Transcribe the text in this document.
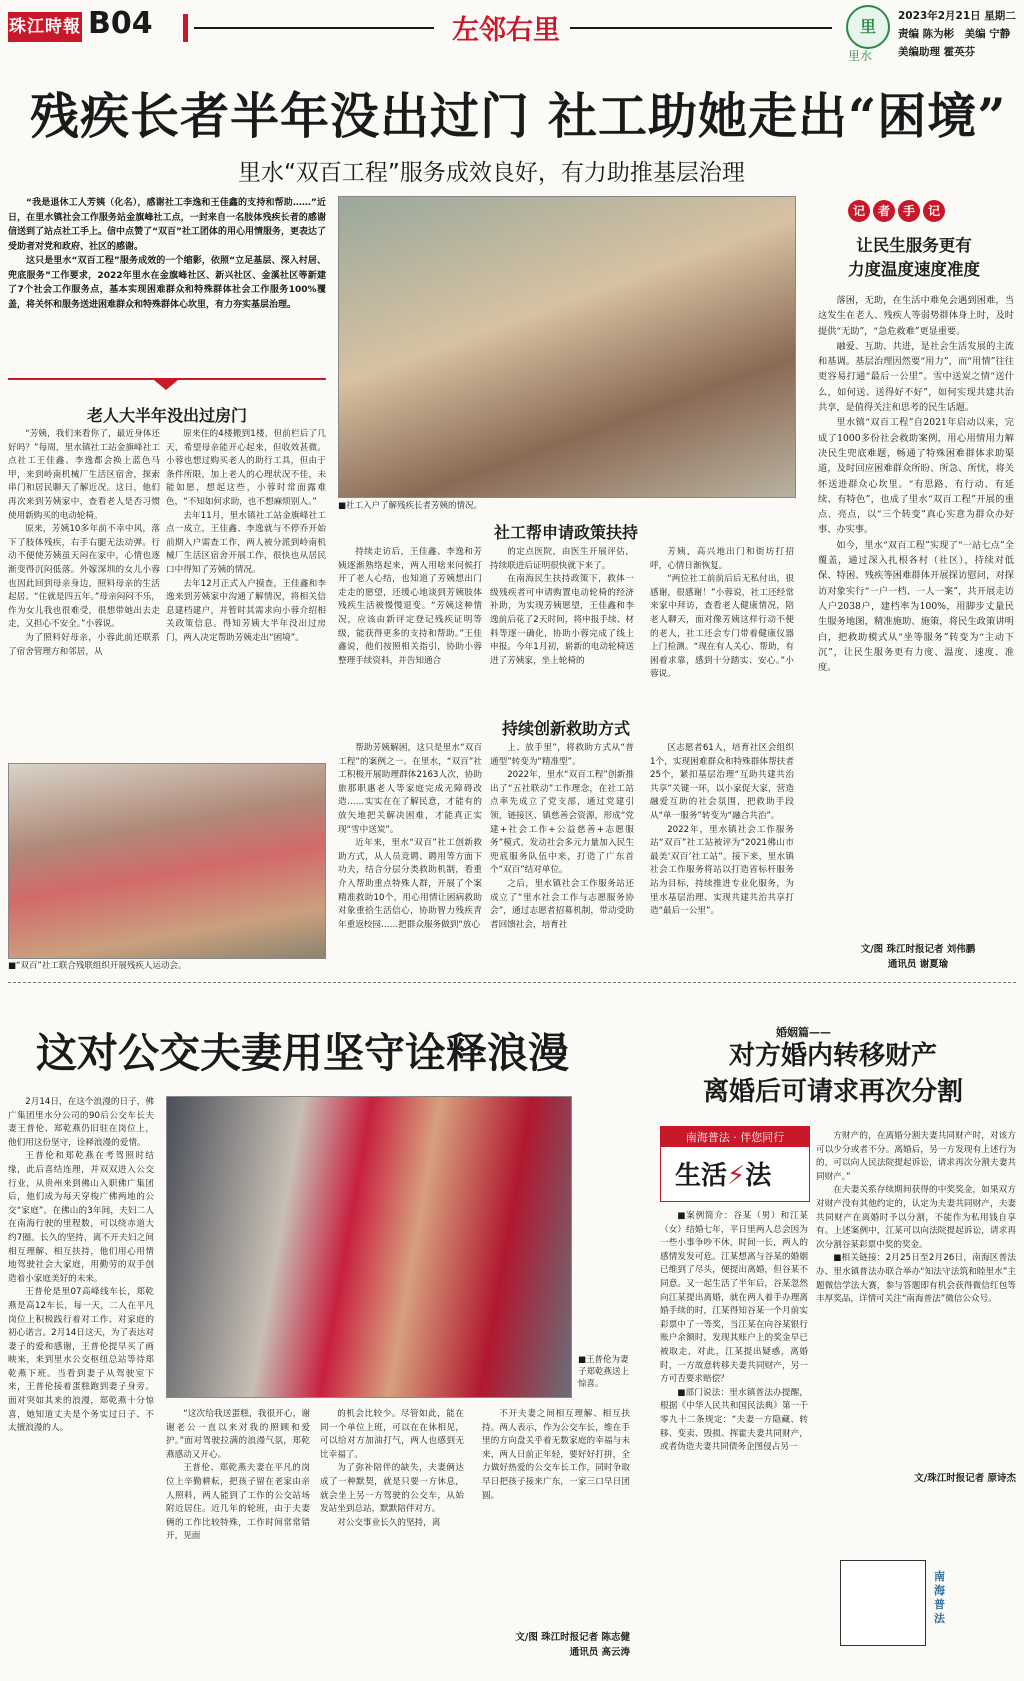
珠江時報 B04	左邻右里	里
里水
2023年2月21日 星期二
责编 陈为彬　美编 宁静
美编助理 霍英芬
残疾长者半年没出过门 社工助她走出“困境”
里水“双百工程”服务成效良好，有力助推基层治理

“我是退休工人芳姨（化名），感谢社工李逸和王佳鑫的支持和帮助……”近日，在里水镇社会工作服务站金旗峰社工点，一封来自一名肢体残疾长者的感谢信送到了站点社工手上。信中点赞了“双百”社工团体的用心用情服务，更表达了受助者对党和政府、社区的感谢。

这只是里水“双百工程”服务成效的一个缩影，依照“立足基层、深入村居、兜底服务”工作要求，2022年里水在金旗峰社区、新兴社区、金溪社区等新建了7个社会工作服务点，基本实现困难群众和特殊群体社会工作服务100%覆盖，将关怀和服务送进困难群众和特殊群体心坎里，有力夯实基层治理。

老人大半年没出过房门

“芳姨，我们来看你了，最近身体还好吗？”每周，里水镇社工站金旗峰社工点社工王佳鑫、李逸都会换上蓝色马甲，来到岭南机械厂生活区宿舍，探索串门和居民聊天了解近况。这日，他们再次来到芳姨家中，查看老人是否习惯使用新购买的电动轮椅。

原来，芳姨10多年前不幸中风，落下了肢体残疾，右手右腿无法动弹。行动不便使芳姨虽天闷在家中，心情也逐渐变得沉闷低落。外嫁深圳的女儿小蓉也因此回到母亲身边，照料母亲的生活起居。“住就是四五年。”母亲闷闷不乐，作为女儿我也很难受，很想带她出去走走，又担心不安全。”小蓉说。

为了照料好母亲，小蓉此前还联系了宿舍管理方和邻居，从

原来住的4楼搬到1楼，但前栏后了几天，希望母亲能开心起来，但收效甚微。小蓉也想过购买老人的助行工具，但由于条件所限，加上老人的心理状况不佳，未能如愿，想起这些，小蓉时常面露难色，“不知如何求助，也不想麻烦别人。”

去年11月，里水镇社工站金旗峰社工点一成立，王佳鑫、李逸就与不停乔开始前期入户需查工作，两人被分派到岭南机械厂生活区宿舍开展工作，很快也从居民口中得知了芳姨的情况。

去年12月正式入户摸查，王佳鑫和李逸来到芳姨家中沟通了解情况，将相关信息建档建户，并暂时其需求向小蓉介绍相关政策信息。得知芳姨大半年没出过房门，两人决定帮助芳姨走出“困境”。

■社工入户了解残疾长者芳姨的情况。
■“双百”社工联合残联组织开展残疾人运动会。
社工帮申请政策扶持

持续走访后，王佳鑫、李逸和芳姨逐渐熟络起来，两人用啥来问候打开了老人心结，也知道了芳姨想出门走走的愿望，还缓心地谈到芳姨肢体残疾生活被慢慢退变。“芳姨这种情况，应该由新评定登记残疾证明等级，能获得更多的支持和帮助。”王佳鑫说，他们按照相关指引，协助小蓉整理手续资料，并告知通合

的定点医院，由医生开展评估，持续联进后证明很快就下来了。

在南海民生扶持政策下，救体一级残疾者可申请购置电动轮椅的经济补助，为实现芳姨愿望，王佳鑫和李逸前后花了2天时间，将申报手续、材料等逐一确化，协助小蓉完成了线上申报。今年1月初，崭新的电动轮椅送进了芳姨家，坐上轮椅的

芳姨，高兴地出门和街坊打招呼，心情日渐恢复。

“两位社工前前后后无私付出，很感谢，很感谢！”小蓉说，社工还经常来家中拜访，查看老人健康情况，陪老人聊天，面对像芳姨这样行动不便的老人，社工还会专门带着健康仪器上门检测。“现在有人关心、帮助，有困着求靠，感到十分踏实、安心。”小蓉说。

持续创新救助方式

帮助芳姨解困，这只是里水“双百工程”的案例之一。在里水，“双百”社工积极开展助理群体2163人次，协助旅那职惠老人等家庭完成无障碍改造……实实在在了解民意，才能有的放矢地把关解决困难，才能真正实现“雪中送炭”。

近年来，里水“双百”社工创新救助方式，从人员竞聘、聘用等方面下功夫，结合分层分类救助机制，看重介入帮助重点特殊人群，开展了个案精准救助10个，用心用情让困病救助对象重拾生活信心，协助智力残疾青年重返校园……把群众服务做到“放心

上、放手里”，将救助方式从“普通型”转变为“精准型”。

2022年，里水“双百工程”创新推出了“五社联动”工作理念，在社工站点率先成立了党支部，通过党建引领，链接区、镇慈善会资源，形成“党建+社会工作+公益慈善+志愿服务”模式，发动社会多元力量加入民生兜底服务队伍中来，打造了广东首个“双百”结对单位。

之后，里水镇社会工作服务站还成立了“里水社会工作与志愿服务协会”，通过志愿者招募机制，带动受助者回馈社会，培育社

区志愿者61人，培育社区会组织1个，实现困难群众和特殊群体帮扶者25个，紧扣基层治理“互助共建共治共享”关键一环，以小家促大家，营造融爱互助的社会氛围，把救助手段从“单一服务”转变为“融合共治”。

2022年，里水镇社会工作服务站“双百”社工站被评为“2021佛山市最美‘双百’社工站”。接下来，里水镇社会工作服务将站以打造省标杆服务站为目标，持续推进专业化服务，为里水基层治理、实现共建共治共享打造“最后一公里”。

记 者 手 记
让民生服务更有
力度温度速度准度

落困，无助，在生活中难免会遇到困难，当这发生在老人、残疾人等弱势群体身上时，及时提供“无助”，“急危救难”更显重要。

融爱、互助、共进，是社会生活发展的主流和基调。基层治理因然要“用力”，而“用情”往往更容易打通“最后一公里”。雪中送炭之情“送什么，如何送、送得好不好”，如何实现共建共治共享，是值得关注和思考的民生话题。

里水镇“双百工程”自2021年启动以来，完成了1000多份社会救助案例，用心用情用力解决民生兜底难题，畅通了特殊困难群体求助渠道，及时回应困难群众所盼、所急、所忧，将关怀送进群众心坎里。“有思路、有行动、有延续、有特色”，也成了里水“双百工程”开展的重点、亮点，以“三个转变”真心实意为群众办好事、办实事。

如今，里水“双百工程”实现了“一站七点”全覆盖，通过深入扎根各村（社区），持续对低保、特困、残疾等困难群体开展探访慰问，对探访对象实行“一户一档、一人一案”，共开展走访人户2038户，建档率为100%，用脚步丈量民生服务地图，精准施助、施策，将民生政策讲明白，把救助模式从“坐等服务”转变为“主动下沉”，让民生服务更有力度、温度、速度、准度。

文/图 珠江时报记者 刘伟鹏
通讯员 谢夏瑜
这对公交夫妻用坚守诠释浪漫

2月14日，在这个浪漫的日子，佛广集团里水分公司的90后公交车长夫妻王普伦、郑乾燕仍旧驻在岗位上，他们用这份坚守，诠释浪漫的爱情。

王普伦和郑乾燕在考驾照时结缘，此后喜结连理，并双双进入公交行业，从贵州来到佛山入职佛广集团后，他们成为每天穿梭广佛两地的公交“家庭”。在佛山的3年间，夫妇二人在南海行驶的里程数，可以绕赤道大约7圈。长久的坚持，离不开夫妇之间相互理解、相互扶持，他们用心用情地驾驶社会大家庭，用勤劳的双手创造着小家庭美好的未来。

王普伦是里07高峰线车长，郑乾燕是高12车长，每一天，二人在平凡岗位上积极践行着对工作、对家庭的初心诺言。2月14日这天，为了表达对妻子的爱和感谢，王普伦提早买了画映来，来到里水公交枢纽总站等待郑乾燕下班。当看到妻子从驾驶室下来，王普伦接着蛋糕跑到妻子身旁。面对突如其来的浪漫，郑乾燕十分惊喜，她知道丈夫是个务实过日子、不太擅浪漫的人。

■王普伦为妻子郑乾燕送上惊喜。

“这次给我送蛋糕，我很开心，谢谢老公一直以来对我的照顾和爱护。”面对驾驶拉满的浪漫气氛，郑乾燕感动又开心。

王普伦、郑乾燕夫妻在平凡的岗位上辛勤耕耘，把孩子留在老家由亲人照料，两人能到了工作的公交站场附近居住。近几年的轮班，由于夫妻俩的工作比较特殊，工作时间常常错开，见面

的机会比较少。尽管如此，能在同一个单位上班，可以在在休相见，可以给对方加油打气，两人也感到无比幸福了。

为了弥补陪伴的缺失，夫妻俩达成了一种默契，就是只要一方休息，就会坐上另一方驾驶的公交车，从始发站坐到总站，默默陪伴对方。

对公交事业长久的坚持，离

不开夫妻之间相互理解、相互扶持。两人表示，作为公交车长，维在手里的方向盘关乎着无数家庭的幸福与未来，两人日前正年轻，要好好打拼，全力做好热爱的公交车长工作，同时争取早日把孩子接来广东，一家三口早日团圆。

文/图 珠江时报记者 陈志健
通讯员 高云涛
婚姻篇——
对方婚内转移财产
离婚后可请求再次分割
南海普法 · 伴您同行
生活⚡法

■案例简介：谷某（男）和江某（女）结婚七年，平日里两人总会因为一些小事争吵不休，时间一长，两人的感情发发可危。江某想离与谷某的婚姻已维到了尽头，便提出离婚，但谷某不同意。又一起生活了半年后，谷某忽然向江某提出离婚，就在两人着手办理离婚手续的时，江某得知谷某一个月前实彩票中了一等奖，当江某在向谷某银行账户余额时，发现其账户上的奖金早已被取走，对此，江某提出疑惑，离婚时，一方故意转移夫妻共同财产，另一方可否要求赔偿？

■部门说法：里水镇普法办提醒，根据《中华人民共和国民法典》第一千零九十二条规定：“夫妻一方隐藏、转移、变卖、毁损、挥霍夫妻共同财产，或者伪造夫妻共同债务企图侵占另一

方财产的，在离婚分割夫妻共同财产时，对该方可以少分或者不分。离婚后，另一方发现有上述行为的，可以向人民法院提起诉讼，请求再次分割夫妻共同财产。”

在夫妻关系存续期间获得的中奖奖金，如果双方对财产没有其他约定的，认定为夫妻共同财产，夫妻共同财产在离婚时予以分割，不能作为私用钱自享有。上述案例中，江某可以向法院提起诉讼，请求再次分割谷某彩票中奖的奖金。

■相关链接：2月25日至2月26日，南海区普法办、里水镇普法办联合举办“知法守法筑和睦里水”主题微信学法大赛，参与答题即有机会获得微信红包等丰厚奖品，详情可关注“南海普法”微信公众号。

文/珠江时报记者 原诗杰
南海普法
